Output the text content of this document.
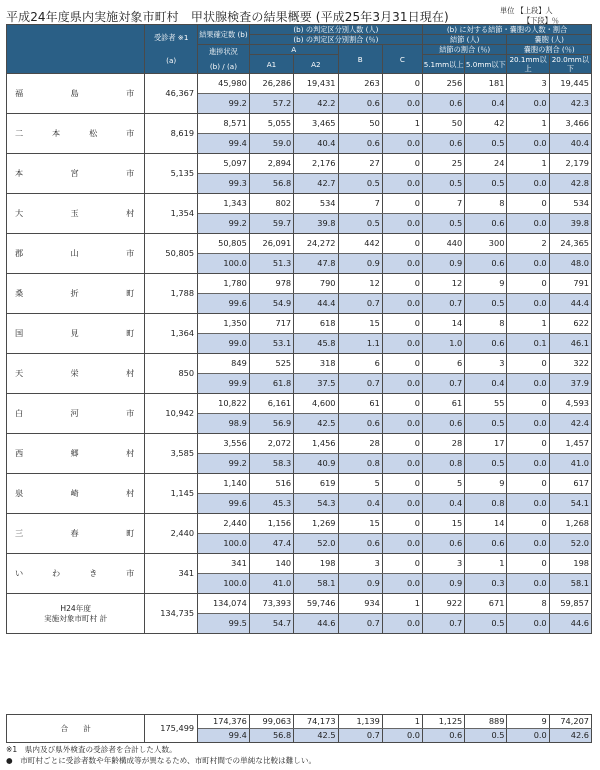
平成24年度県内実施対象市町村　甲状腺検査の結果概要 (平成25年3月31日現在)	単位 【上段】人
【下段】％

	受診者 ※1
(a)	結果確定数 (b)	(b) の判定区分別人数 (人)				(b) に対する結節・嚢胞の人数・割合			
			(b) の判定区分別割合 (％)				結節 (人)		嚢胞 (人)	

		進捗状況
(b) / (a)	A		B	C	結節の割合 (％)		嚢胞の割合 (％)	
			A1	A2			5.1mm以上	5.0mm以下	20.1mm以上	20.0mm以下

福 島 市	46,367	45,980	26,286	19,431	263	0	256	181	3	19,445
		99.2	57.2	42.2	0.6	0.0	0.6	0.4	0.0	42.3

二 本 松 市	8,619	8,571	5,055	3,465	50	1	50	42	1	3,466
		99.4	59.0	40.4	0.6	0.0	0.6	0.5	0.0	40.4

本 宮 市	5,135	5,097	2,894	2,176	27	0	25	24	1	2,179
		99.3	56.8	42.7	0.5	0.0	0.5	0.5	0.0	42.8

大 玉 村	1,354	1,343	802	534	7	0	7	8	0	534
		99.2	59.7	39.8	0.5	0.0	0.5	0.6	0.0	39.8

郡 山 市	50,805	50,805	26,091	24,272	442	0	440	300	2	24,365
		100.0	51.3	47.8	0.9	0.0	0.9	0.6	0.0	48.0

桑 折 町	1,788	1,780	978	790	12	0	12	9	0	791
		99.6	54.9	44.4	0.7	0.0	0.7	0.5	0.0	44.4

国 見 町	1,364	1,350	717	618	15	0	14	8	1	622
		99.0	53.1	45.8	1.1	0.0	1.0	0.6	0.1	46.1

天 栄 村	850	849	525	318	6	0	6	3	0	322
		99.9	61.8	37.5	0.7	0.0	0.7	0.4	0.0	37.9

白 河 市	10,942	10,822	6,161	4,600	61	0	61	55	0	4,593
		98.9	56.9	42.5	0.6	0.0	0.6	0.5	0.0	42.4

西 郷 村	3,585	3,556	2,072	1,456	28	0	28	17	0	1,457
		99.2	58.3	40.9	0.8	0.0	0.8	0.5	0.0	41.0

泉 崎 村	1,145	1,140	516	619	5	0	5	9	0	617
		99.6	45.3	54.3	0.4	0.0	0.4	0.8	0.0	54.1

三 春 町	2,440	2,440	1,156	1,269	15	0	15	14	0	1,268
		100.0	47.4	52.0	0.6	0.0	0.6	0.6	0.0	52.0

い わ き 市	341	341	140	198	3	0	3	1	0	198
		100.0	41.0	58.1	0.9	0.0	0.9	0.3	0.0	58.1

H24年度
実施対象市町村 計	134,735	134,074	73,393	59,746	934	1	922	671	8	59,857
		99.5	54.7	44.6	0.7	0.0	0.7	0.5	0.0	44.6
合　　計	175,499	174,376	99,063	74,173	1,139	1	1,125	889	9	74,207
		99.4	56.8	42.5	0.7	0.0	0.6	0.5	0.0	42.6
※1　県内及び県外検査の受診者を合計した人数。
●　市町村ごとに受診者数や年齢構成等が異なるため、市町村間での単純な比較は難しい。
